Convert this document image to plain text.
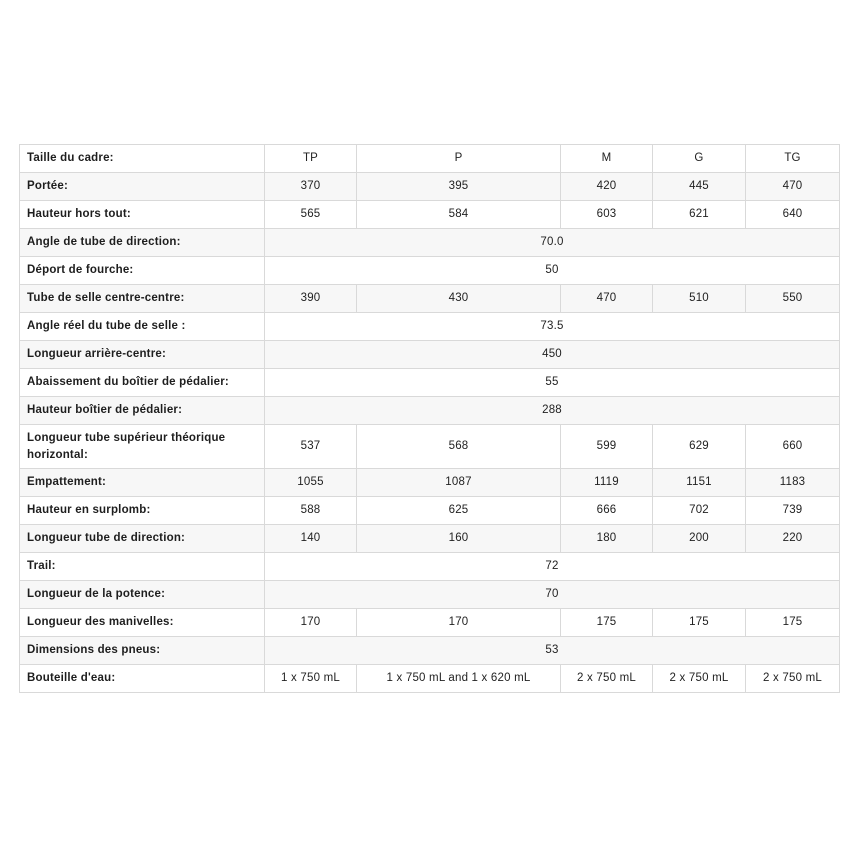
Taille du cadre:	TP	P	M	G	TG
Portée:	370	395	420	445	470
Hauteur hors tout:	565	584	603	621	640
Angle de tube de direction:	70.0				
Déport de fourche:	50				
Tube de selle centre-centre:	390	430	470	510	550
Angle réel du tube de selle :	73.5				
Longueur arrière-centre:	450				
Abaissement du boîtier de pédalier:	55				
Hauteur boîtier de pédalier:	288				
Longueur tube supérieur théorique horizontal:	537	568	599	629	660
Empattement:	1055	1087	1119	1151	1183
Hauteur en surplomb:	588	625	666	702	739
Longueur tube de direction:	140	160	180	200	220
Trail:	72				
Longueur de la potence:	70				
Longueur des manivelles:	170	170	175	175	175
Dimensions des pneus:	53				
Bouteille d'eau:	1 x 750 mL	1 x 750 mL and 1 x 620 mL	2 x 750 mL	2 x 750 mL	2 x 750 mL
